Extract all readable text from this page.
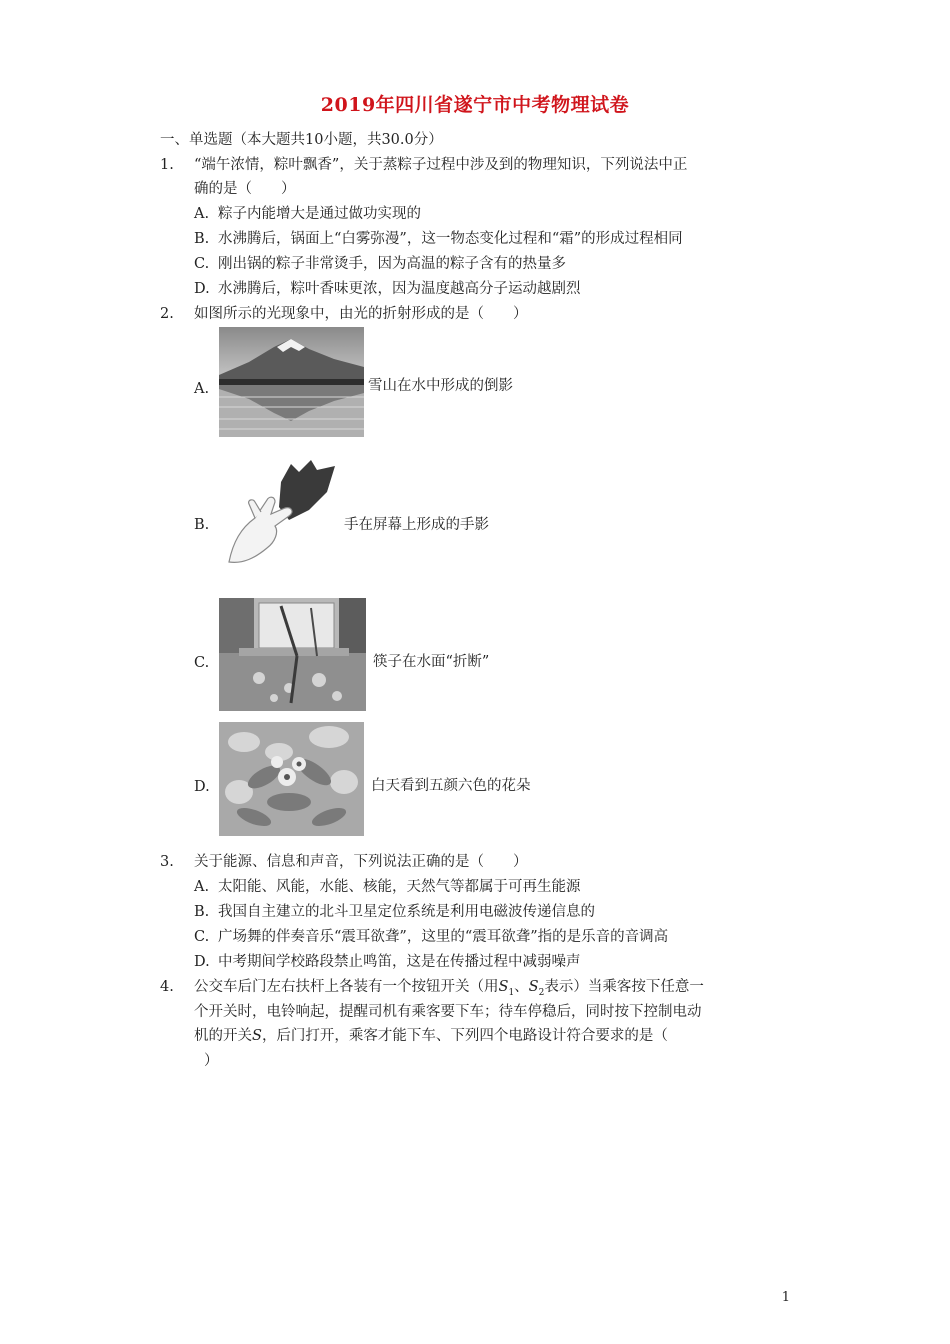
2019年四川省遂宁市中考物理试卷
一、单选题（本大题共10小题，共30.0分）
1. “端午浓情，粽叶飘香”，关于蒸粽子过程中涉及到的物理知识，下列说法中正
确的是（　　）
A. 粽子内能增大是通过做功实现的
B. 水沸腾后，锅面上“白雾弥漫”，这一物态变化过程和“霜”的形成过程相同
C. 刚出锅的粽子非常烫手，因为高温的粽子含有的热量多
D. 水沸腾后，粽叶香味更浓，因为温度越高分子运动越剧烈
2. 如图所示的光现象中，由光的折射形成的是（　　）
A.	雪山在水中形成的倒影
B.	手在屏幕上形成的手影
C.	筷子在水面“折断”
D.	白天看到五颜六色的花朵
3. 关于能源、信息和声音，下列说法正确的是（　　）
A. 太阳能、风能，水能、核能，天然气等都属于可再生能源
B. 我国自主建立的北斗卫星定位系统是利用电磁波传递信息的
C. 广场舞的伴奏音乐“震耳欲聋”，这里的“震耳欲聋”指的是乐音的音调高
D. 中考期间学校路段禁止鸣笛，这是在传播过程中减弱噪声
4. 公交车后门左右扶杆上各装有一个按钮开关（用$S_1$、$S_2$表示）当乘客按下任意一
个开关时，电铃响起，提醒司机有乘客要下车；待车停稳后，同时按下控制电动
机的开关S，后门打开，乘客才能下车、下列四个电路设计符合要求的是（
）
1
